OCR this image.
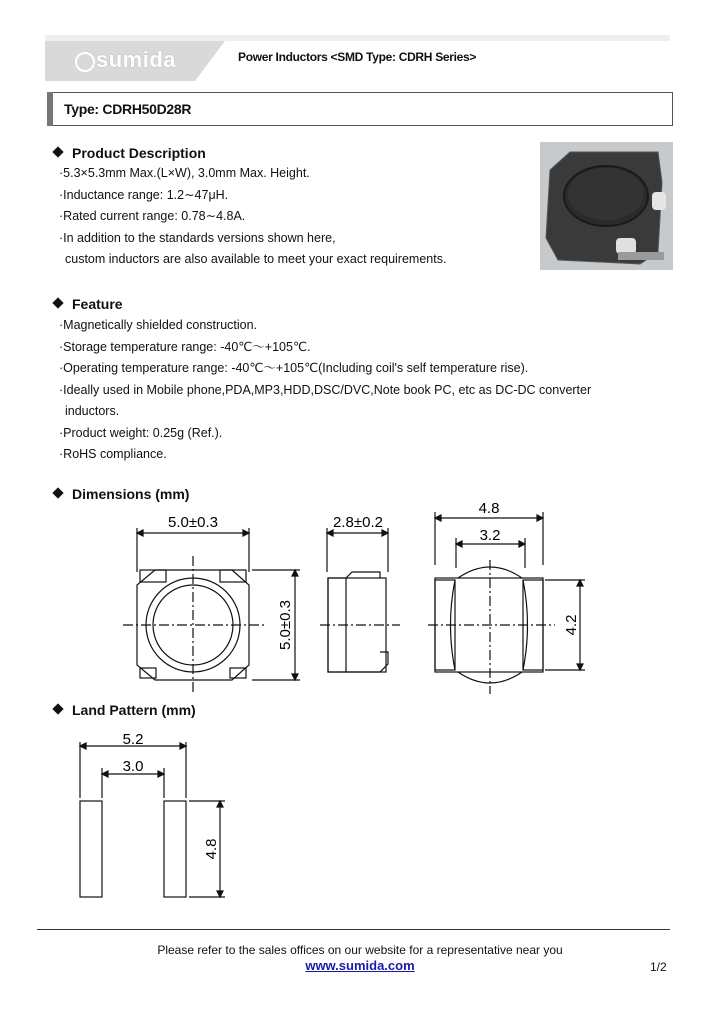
sumida	Power Inductors <SMD Type: CDRH Series>
Type: CDRH50D28R
Product Description
·5.3×5.3mm Max.(L×W), 3.0mm Max. Height.
·Inductance range: 1.2∼47μH.
·Rated current range: 0.78∼4.8A.
·In addition to the standards versions shown here,
custom inductors are also available to meet your exact requirements.
Feature
·Magnetically shielded construction.
·Storage temperature range: -40℃〜+105℃.
·Operating temperature range: -40℃〜+105℃(Including coil's self temperature rise).
·Ideally used in Mobile phone,PDA,MP3,HDD,DSC/DVC,Note book PC, etc as DC-DC converter
inductors.
·Product weight: 0.25g (Ref.).
·RoHS compliance.
Dimensions (mm)
5.0±0.3
5.0±0.3
2.8±0.2
4.8
3.2
4.2
Land Pattern (mm)
5.2
3.0
4.8
Please refer to the sales offices on our website for a representative near you
www.sumida.com	1/2
